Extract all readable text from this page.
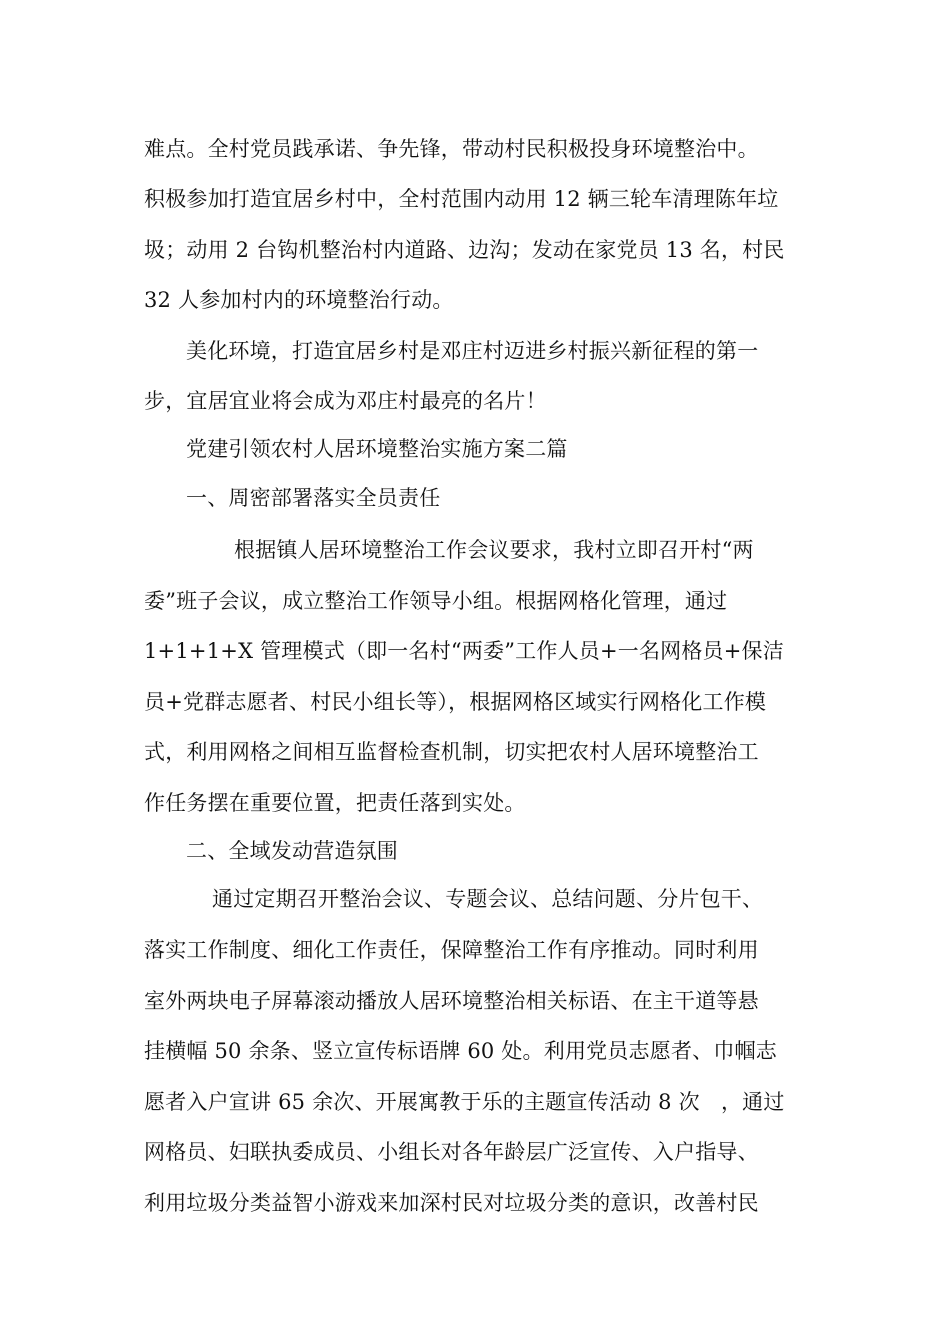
难点。全村党员践承诺、争先锋，带动村民积极投身环境整治中。
积极参加打造宜居乡村中，全村范围内动用 12 辆三轮车清理陈年垃
圾；动用 2 台钩机整治村内道路、边沟；发动在家党员 13 名，村民
32 人参加村内的环境整治行动。
美化环境，打造宜居乡村是邓庄村迈进乡村振兴新征程的第一
步，宜居宜业将会成为邓庄村最亮的名片！
党建引领农村人居环境整治实施方案二篇
一、周密部署落实全员责任
根据镇人居环境整治工作会议要求，我村立即召开村“两
委”班子会议，成立整治工作领导小组。根据网格化管理，通过
1+1+1+X 管理模式（即一名村“两委”工作人员+一名网格员+保洁
员+党群志愿者、村民小组长等），根据网格区域实行网格化工作模
式，利用网格之间相互监督检查机制，切实把农村人居环境整治工
作任务摆在重要位置，把责任落到实处。
二、全域发动营造氛围
通过定期召开整治会议、专题会议、总结问题、分片包干、
落实工作制度、细化工作责任，保障整治工作有序推动。同时利用
室外两块电子屏幕滚动播放人居环境整治相关标语、在主干道等悬
挂横幅 50 余条、竖立宣传标语牌 60 处。利用党员志愿者、巾帼志
愿者入户宣讲 65 余次、开展寓教于乐的主题宣传活动 8 次　，通过
网格员、妇联执委成员、小组长对各年龄层广泛宣传、入户指导、
利用垃圾分类益智小游戏来加深村民对垃圾分类的意识，改善村民
